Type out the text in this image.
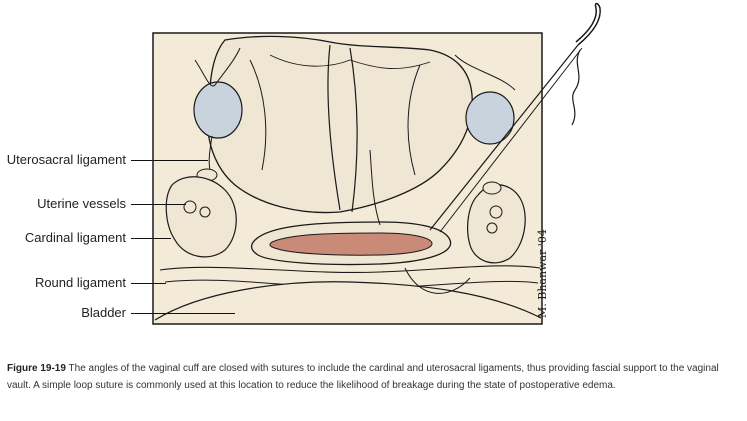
M. Bhanwar '04
Uterosacral ligament
Uterine vessels
Cardinal ligament
Round ligament
Bladder
Figure 19-19 The angles of the vaginal cuff are closed with sutures to include the cardinal and uterosacral ligaments, thus providing fascial support to the vaginal vault. A simple loop suture is commonly used at this location to reduce the likelihood of breakage during the state of postoperative edema.
